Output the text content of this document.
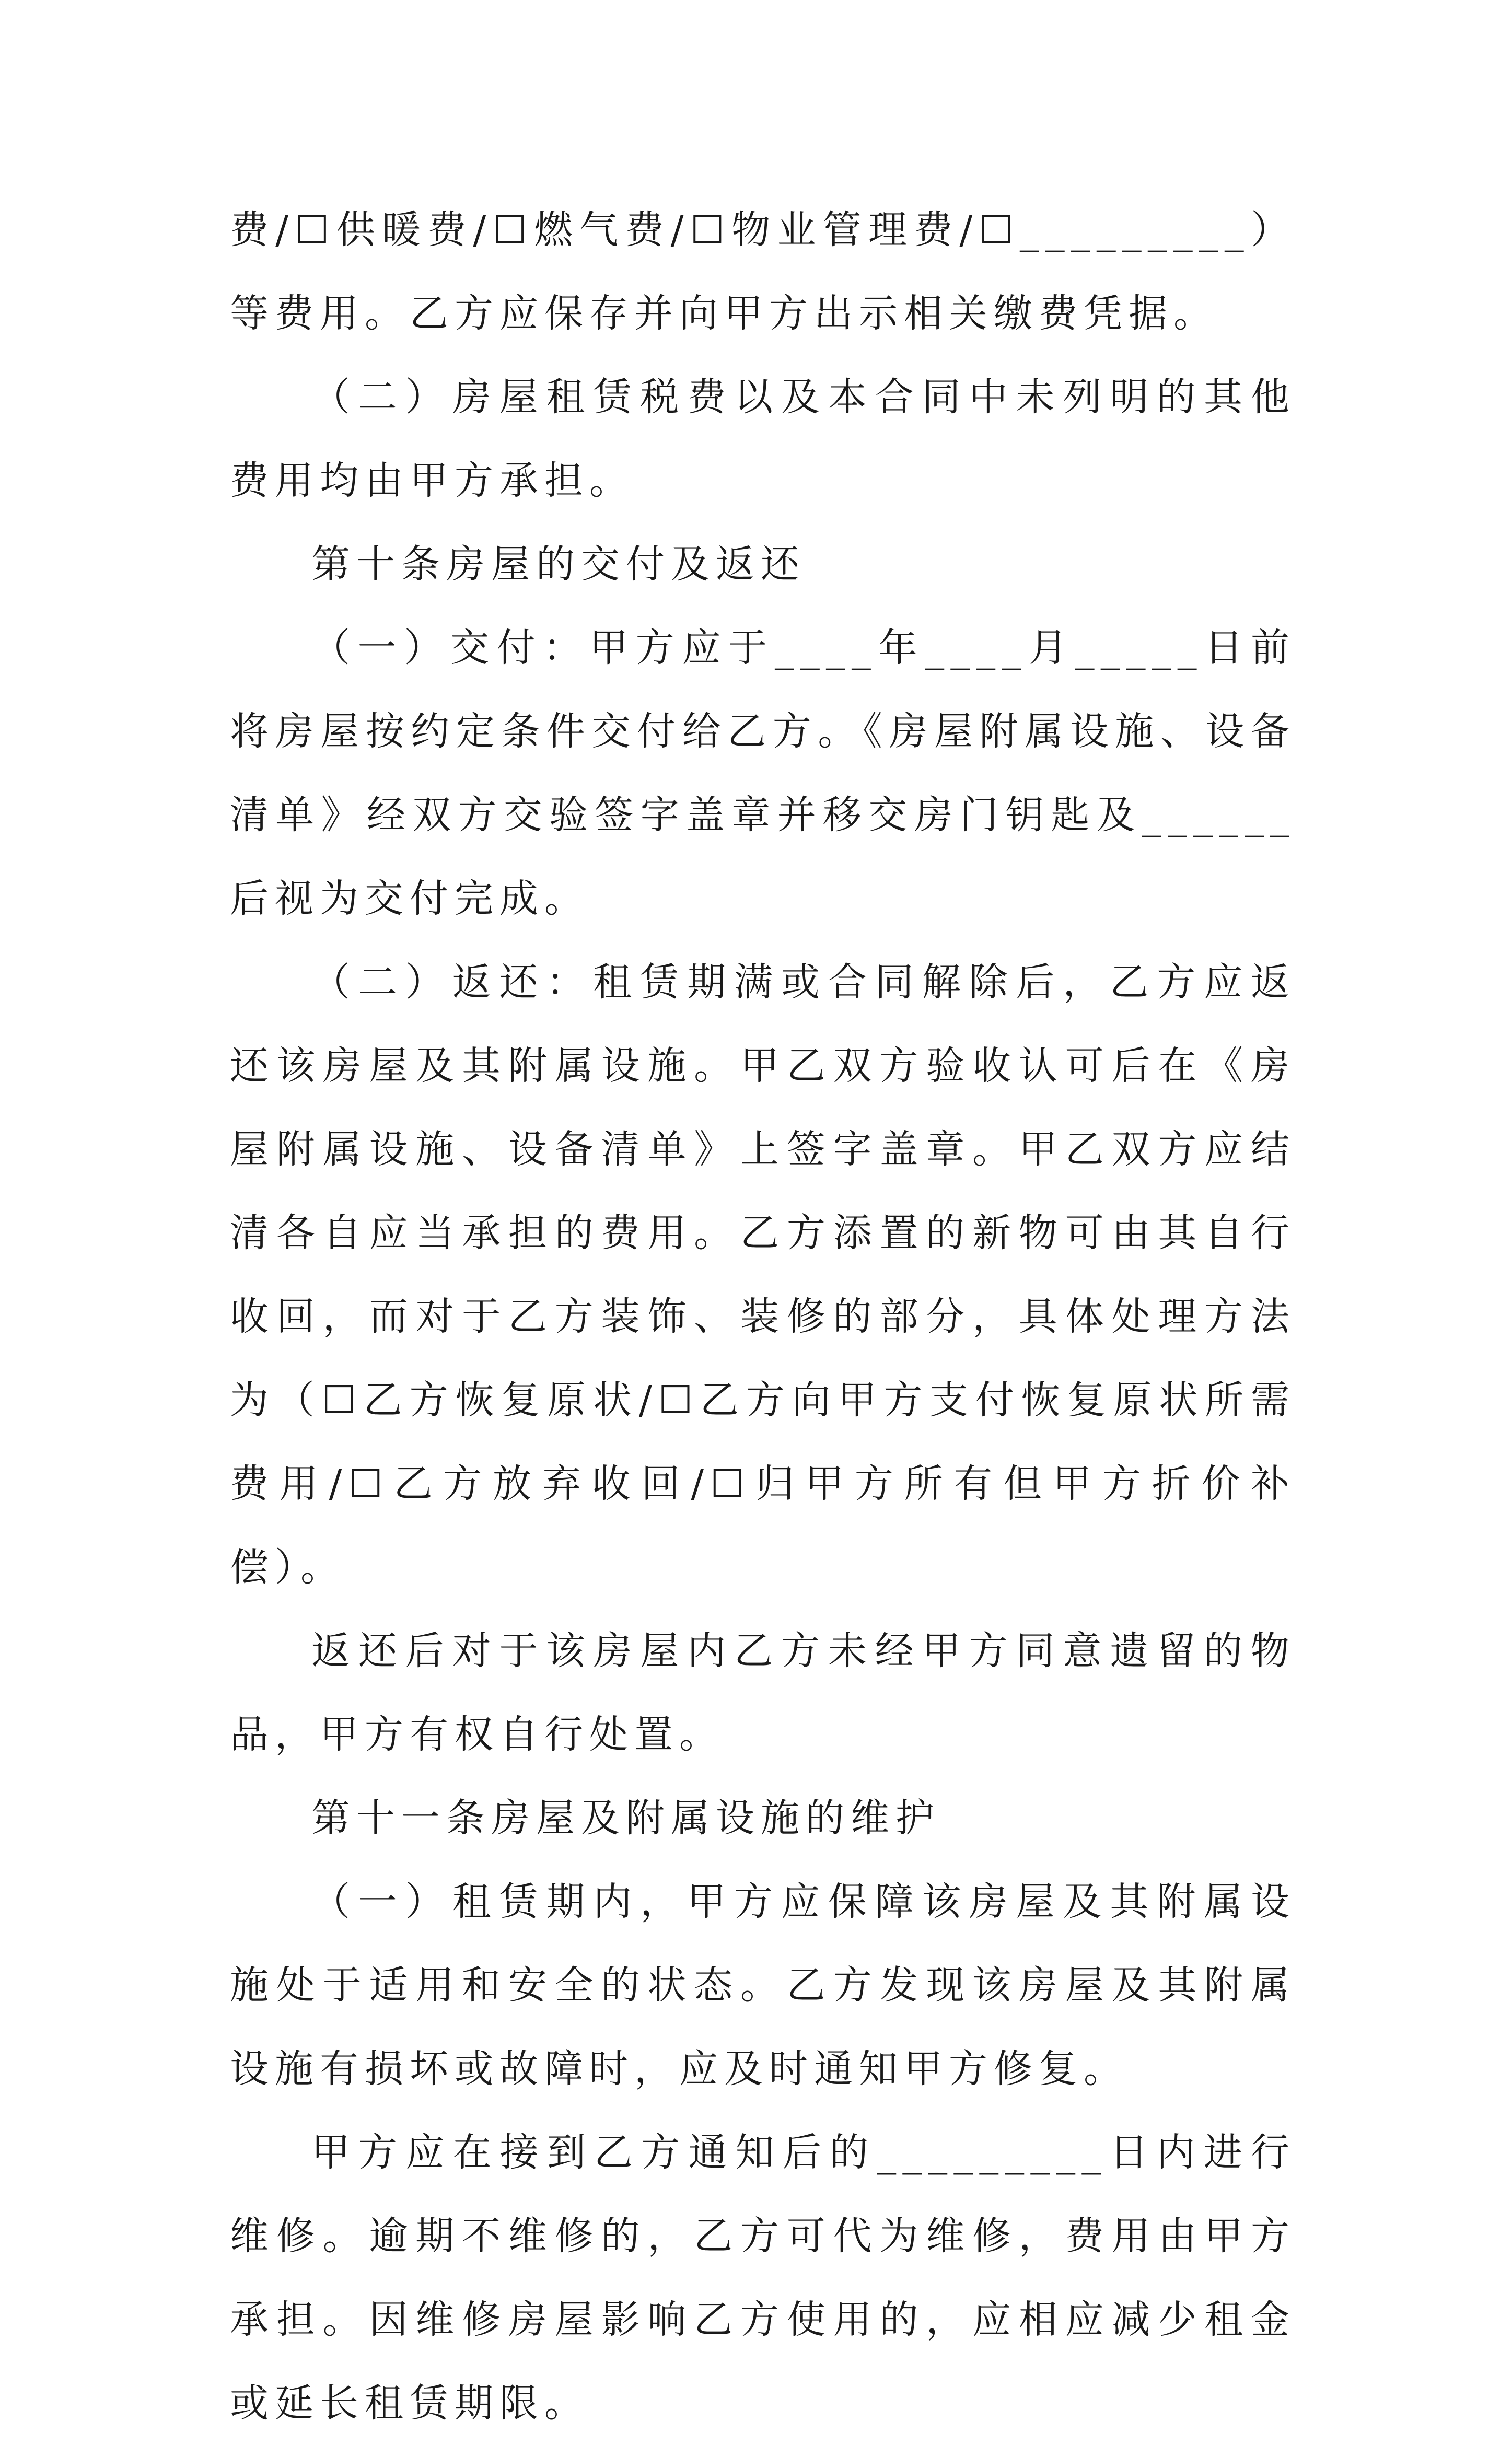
费/☐供暖费/☐燃气费/☐物业管理费/☐_________）等费用。乙方应保存并向甲方出示相关缴费凭据。

（二）房屋租赁税费以及本合同中未列明的其他费用均由甲方承担。

第十条房屋的交付及返还

（一）交付：甲方应于____年____月_____日前将房屋按约定条件交付给乙方。《房屋附属设施、设备清单》经双方交验签字盖章并移交房门钥匙及______后视为交付完成。

（二）返还：租赁期满或合同解除后，乙方应返还该房屋及其附属设施。甲乙双方验收认可后在《房屋附属设施、设备清单》上签字盖章。甲乙双方应结清各自应当承担的费用。乙方添置的新物可由其自行收回，而对于乙方装饰、装修的部分，具体处理方法为（☐乙方恢复原状/☐乙方向甲方支付恢复原状所需费用/☐乙方放弃收回/☐归甲方所有但甲方折价补偿）。

返还后对于该房屋内乙方未经甲方同意遗留的物品，甲方有权自行处置。

第十一条房屋及附属设施的维护

（一）租赁期内，甲方应保障该房屋及其附属设施处于适用和安全的状态。乙方发现该房屋及其附属设施有损坏或故障时，应及时通知甲方修复。

甲方应在接到乙方通知后的_________日内进行维修。逾期不维修的，乙方可代为维修，费用由甲方承担。因维修房屋影响乙方使用的，应相应减少租金或延长租赁期限。
